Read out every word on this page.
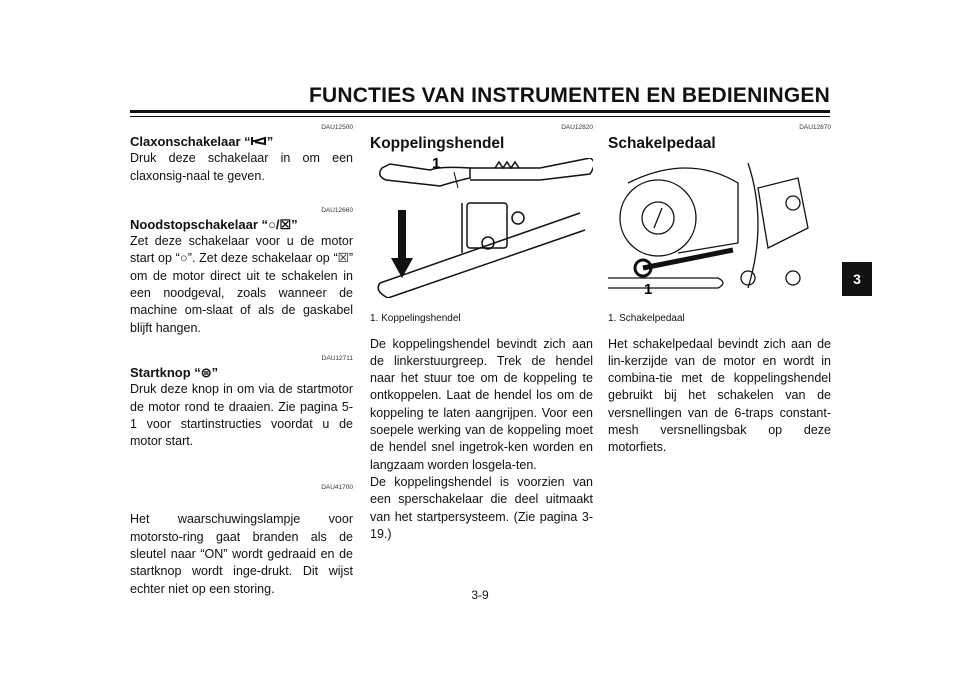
FUNCTIES VAN INSTRUMENTEN EN BEDIENINGEN
DAU12500
Claxonschakelaar “ ”
Druk deze schakelaar in om een claxonsig-naal te geven.
DAU12660
Noodstopschakelaar “○/☒”
Zet deze schakelaar voor u de motor start op “○”. Zet deze schakelaar op “☒” om de motor direct uit te schakelen in een noodgeval, zoals wanneer de machine om-slaat of als de gaskabel blijft hangen.
DAU12711
Startknop “⊜”
Druk deze knop in om via de startmotor de motor rond te draaien. Zie pagina 5-1 voor startinstructies voordat u de motor start.
DAU41700
Het waarschuwingslampje voor motorsto-ring gaat branden als de sleutel naar “ON” wordt gedraaid en de startknop wordt inge-drukt. Dit wijst echter niet op een storing.
DAU12820
Koppelingshendel
1
1. Koppelingshendel
De koppelingshendel bevindt zich aan de linkerstuurgreep. Trek de hendel naar het stuur toe om de koppeling te ontkoppelen. Laat de hendel los om de koppeling te laten aangrijpen. Voor een soepele werking van de koppeling moet de hendel snel ingetrok-ken worden en langzaam worden losgela-ten.
De koppelingshendel is voorzien van een sperschakelaar die deel uitmaakt van het startpersysteem. (Zie pagina 3-19.)
DAU12870
Schakelpedaal
1
1. Schakelpedaal
Het schakelpedaal bevindt zich aan de lin-kerzijde van de motor en wordt in combina-tie met de koppelingshendel gebruikt bij het schakelen van de versnellingen van de 6-traps constant-mesh versnellingsbak op deze motorfiets.
3
3-9
